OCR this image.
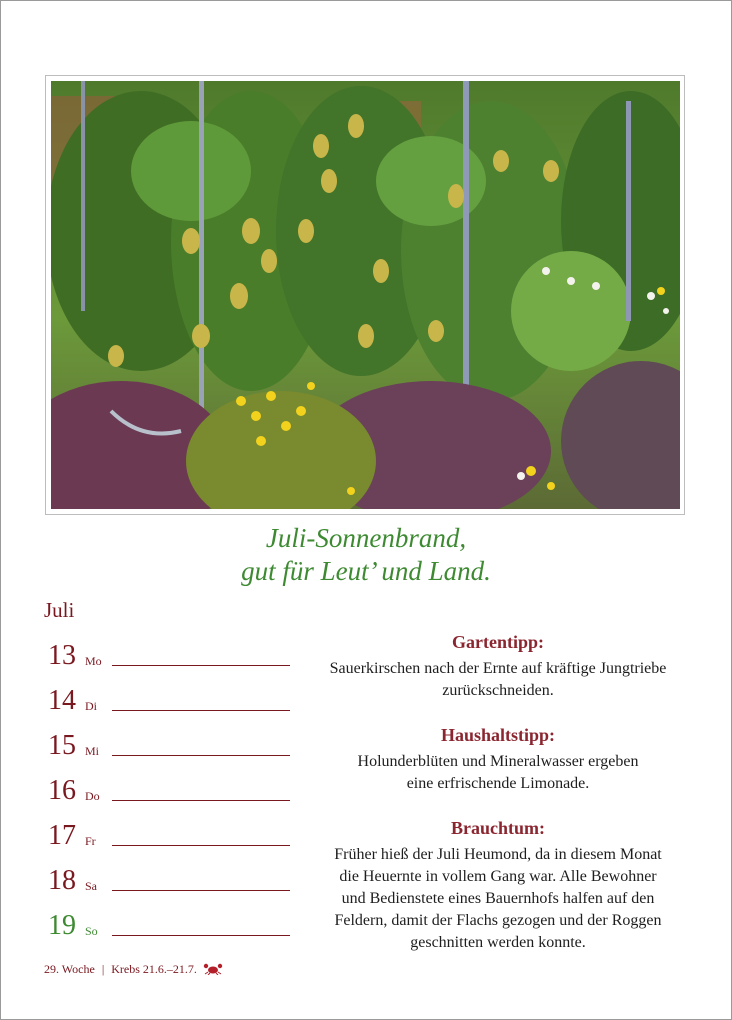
Juli-Sonnenbrand,
gut für Leut’ und Land.
Juli
13 Mo
14 Di
15 Mi
16 Do
17 Fr
18 Sa
19 So
Gartentipp:

Sauerkirschen nach der Ernte auf kräftige Jungtriebe
zurückschneiden.

Haushaltstipp:

Holunderblüten und Mineralwasser ergeben
eine erfrischende Limonade.

Brauchtum:

Früher hieß der Juli Heumond, da in diesem Monat
die Heuernte in vollem Gang war. Alle Bewohner
und Bedienstete eines Bauernhofs halfen auf den
Feldern, damit der Flachs gezogen und der Roggen
geschnitten werden konnte.

29. Woche | Krebs 21.6.–21.7.
